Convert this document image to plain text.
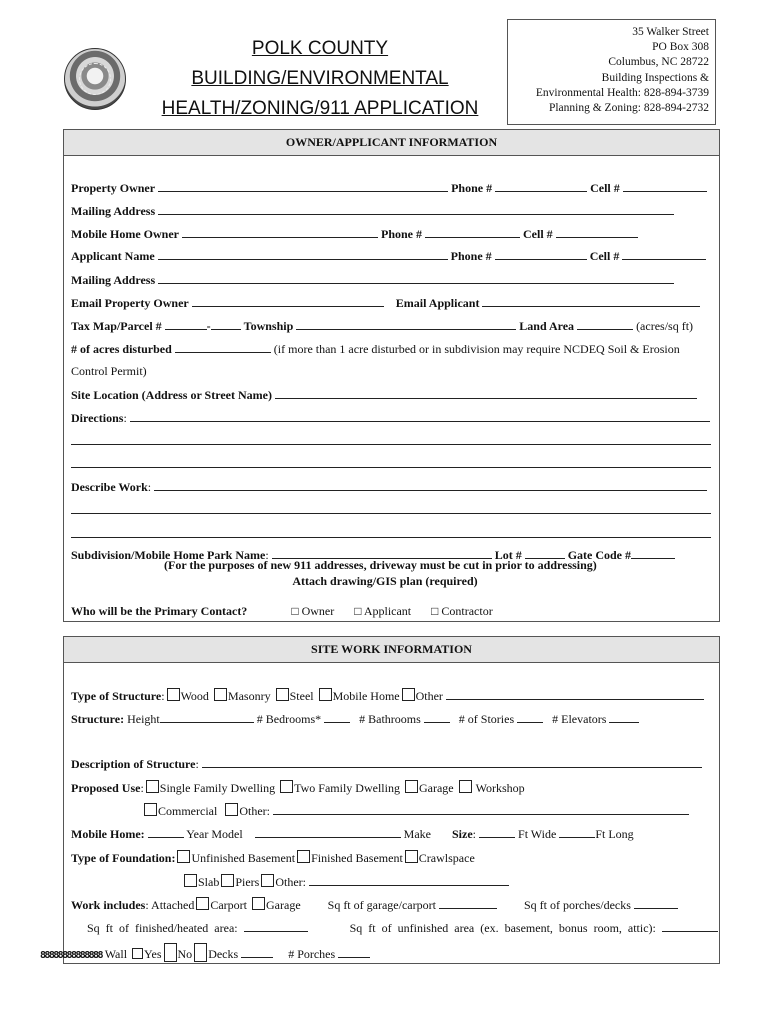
POLK COUNTY
BUILDING/ENVIRONMENTAL
HEALTH/ZONING/911 APPLICATION
35 Walker Street
PO Box 308
Columbus, NC 28722
Building Inspections &
Environmental Health: 828-894-3739
Planning & Zoning: 828-894-2732
OWNER/APPLICANT INFORMATION
Property Owner	Phone #	Cell #
Mailing Address
Mobile Home Owner	Phone #	Cell #
Applicant Name	Phone #	Cell #
Mailing Address
Email Property Owner	Email Applicant
Tax Map/Parcel #	-	Township	Land Area	(acres/sq ft)
# of acres disturbed	(if more than 1 acre disturbed or in subdivision may require NCDEQ Soil & Erosion
Control Permit)
Site Location (Address or Street Name)
Directions:
Describe Work:
Subdivision/Mobile Home Park Name:	Lot #	Gate Code #
(For the purposes of new 911 addresses, driveway must be cut in prior to addressing)
Attach drawing/GIS plan (required)
Who will be the Primary Contact?	□ Owner □ Applicant □ Contractor
SITE WORK INFORMATION
Type of Structure: Wood Masonry Steel Mobile Home Other
Structure: Height	# Bedrooms*	# Bathrooms	# of Stories	# Elevators
Description of Structure:
Proposed Use: Single Family Dwelling Two Family Dwelling Garage Workshop
Commercial Other:
Mobile Home:	Year Model	Make Size:	Ft Wide	Ft Long
Type of Foundation: Unfinished Basement Finished Basement Crawlspace
Slab Piers Other:
Work includes: Attached Carport Garage Sq ft of garage/carport	Sq ft of porches/decks
Sq ft of finished/heated area:	Sq ft of unfinished area (ex. basement, bonus room, attic):
88888888888888 Wall Yes No Decks	# Porches
